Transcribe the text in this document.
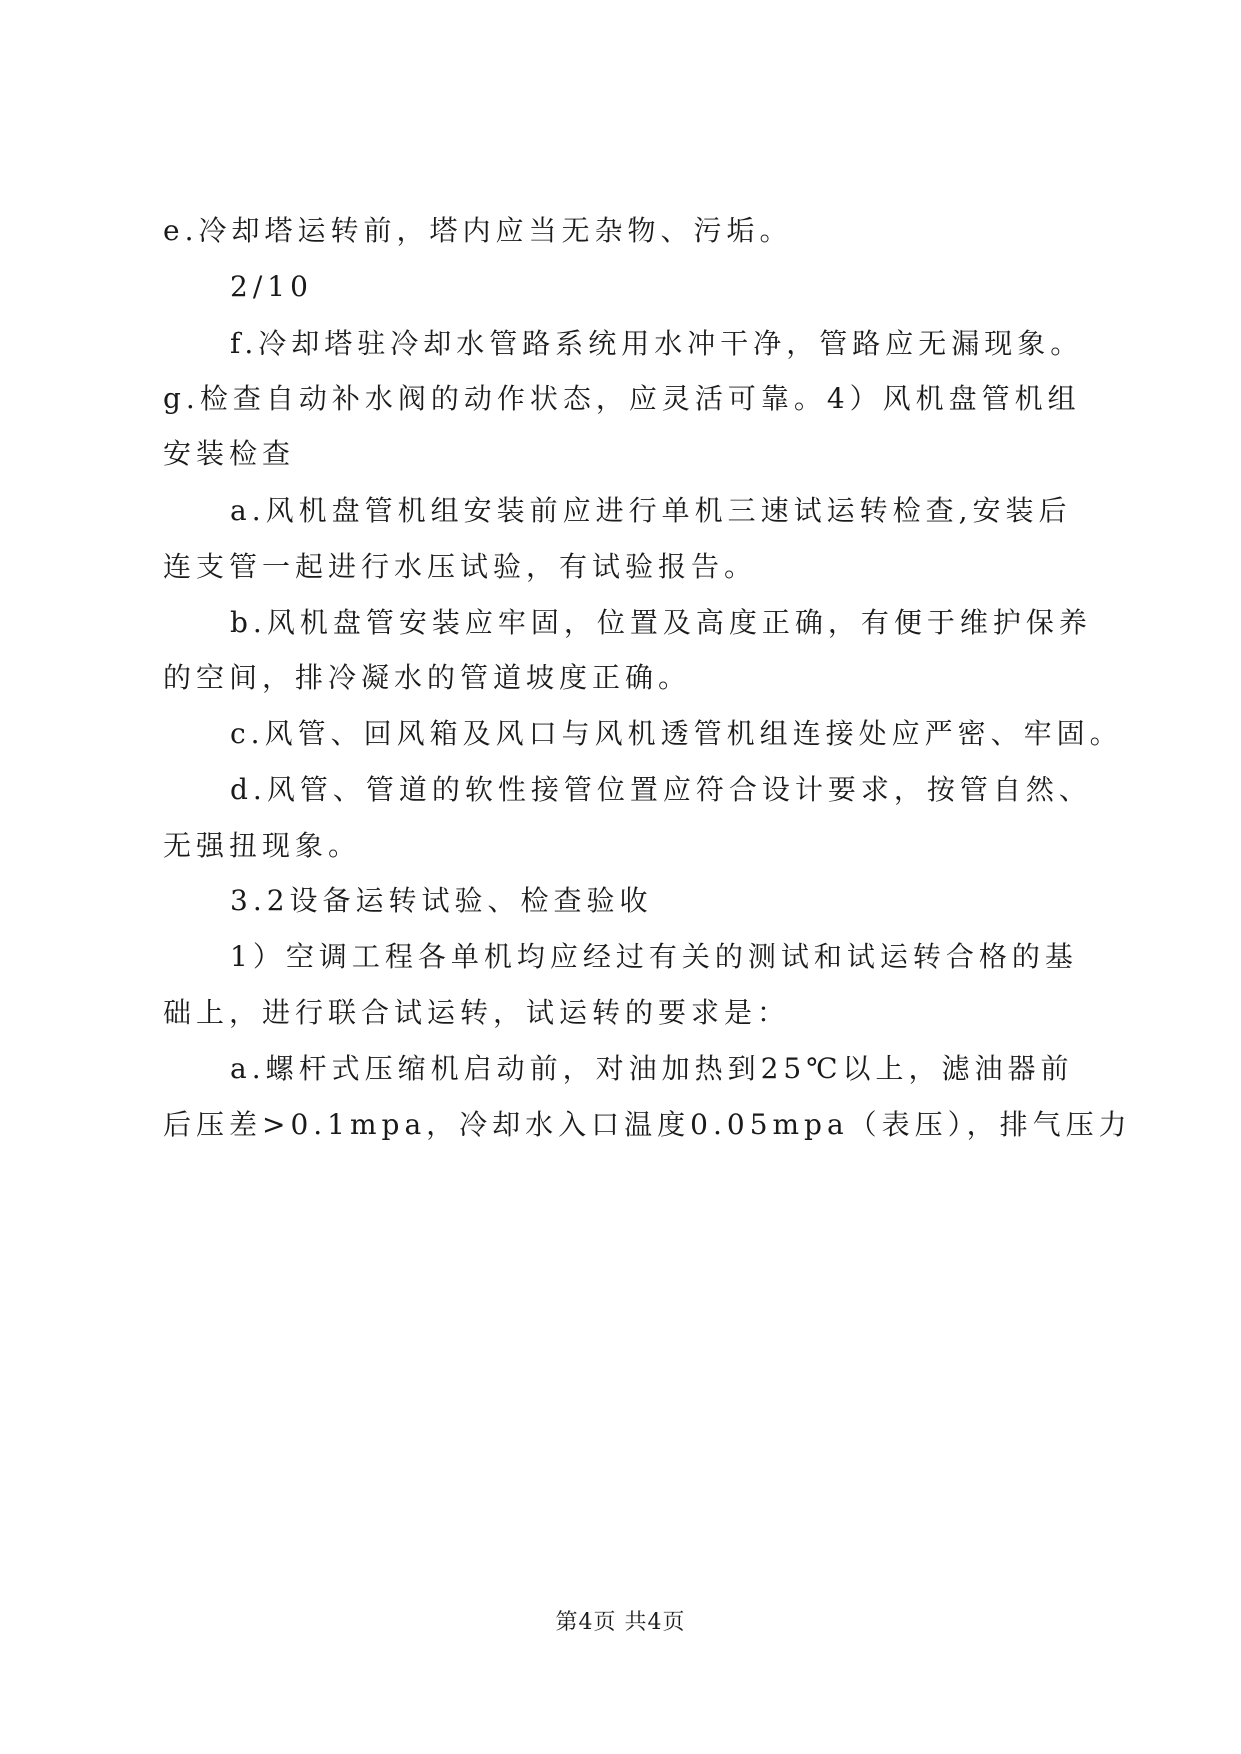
e.冷却塔运转前，塔内应当无杂物、污垢。
2/10
f.冷却塔驻冷却水管路系统用水冲干净，管路应无漏现象。
g.检查自动补水阀的动作状态，应灵活可靠。4）风机盘管机组
安装检查
a.风机盘管机组安装前应进行单机三速试运转检查,安装后
连支管一起进行水压试验，有试验报告。
b.风机盘管安装应牢固，位置及高度正确，有便于维护保养
的空间，排冷凝水的管道坡度正确。
c.风管、回风箱及风口与风机透管机组连接处应严密、牢固。
d.风管、管道的软性接管位置应符合设计要求，按管自然、
无强扭现象。
3.2设备运转试验、检查验收
1）空调工程各单机均应经过有关的测试和试运转合格的基
础上，进行联合试运转，试运转的要求是：
a.螺杆式压缩机启动前，对油加热到25℃以上，滤油器前
后压差>0.1mpa，冷却水入口温度0.05mpa（表压），排气压力
第4页 共4页
